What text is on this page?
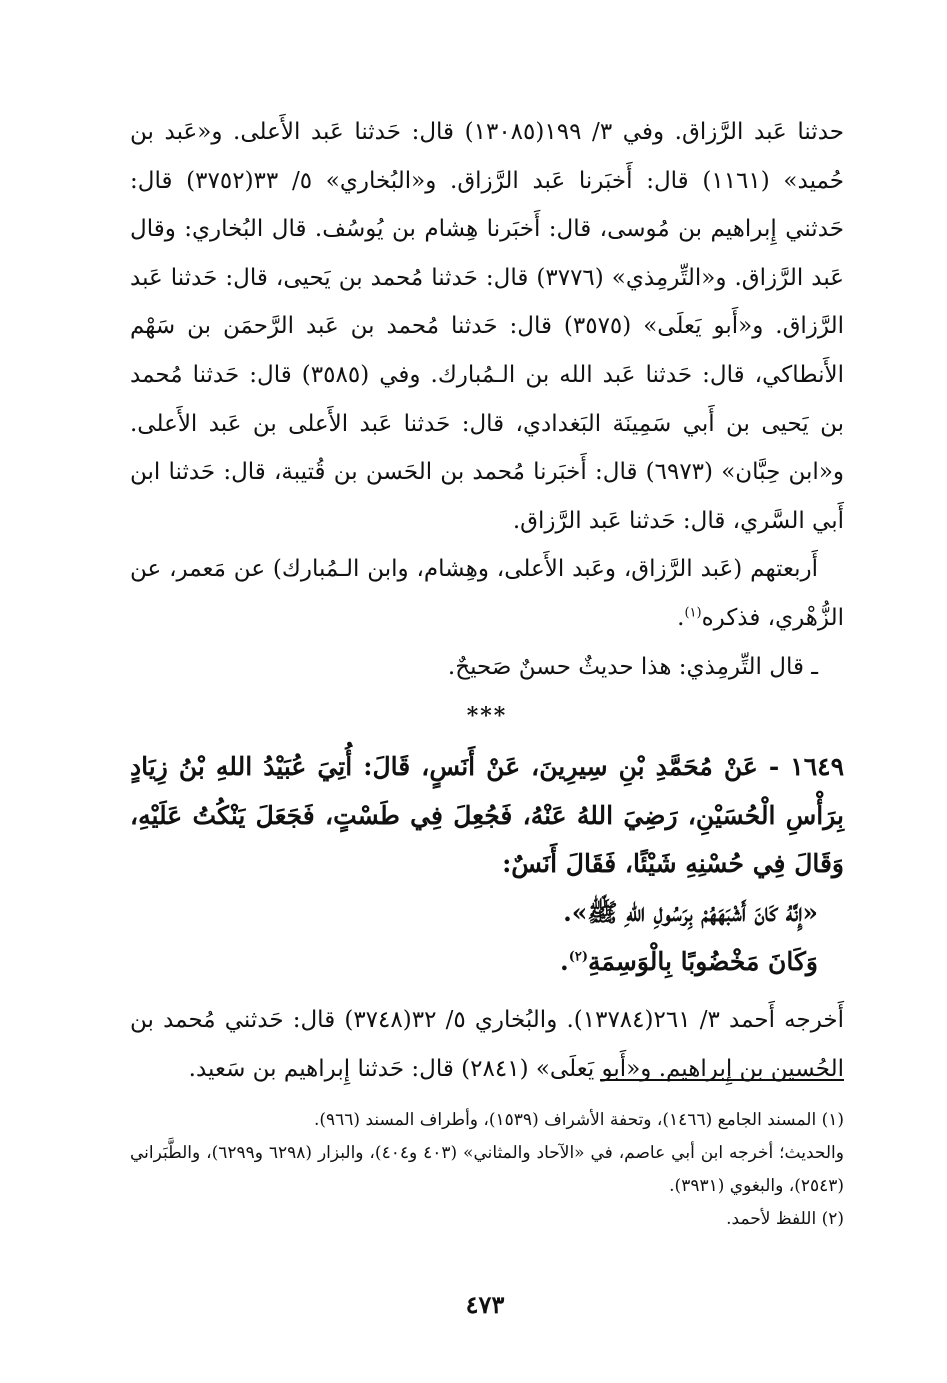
حدثنا عَبد الرَّزاق. وفي ٣/ ١٩٩(١٣٠٨٥) قال: حَدثنا عَبد الأَعلى. و«عَبد بن حُميد» (١١٦١) قال: أَخبَرنا عَبد الرَّزاق. و«البُخاري» ٥/ ٣٣(٣٧٥٢) قال: حَدثني إِبراهيم بن مُوسى، قال: أَخبَرنا هِشام بن يُوسُف. قال البُخاري: وقال عَبد الرَّزاق. و«التِّرمِذي» (٣٧٧٦) قال: حَدثنا مُحمد بن يَحيى، قال: حَدثنا عَبد الرَّزاق. و«أَبو يَعلَى» (٣٥٧٥) قال: حَدثنا مُحمد بن عَبد الرَّحمَن بن سَهْم الأَنطاكي، قال: حَدثنا عَبد الله بن الـمُبارك. وفي (٣٥٨٥) قال: حَدثنا مُحمد بن يَحيى بن أَبي سَمِينَة البَغدادي، قال: حَدثنا عَبد الأَعلى بن عَبد الأَعلى. و«ابن حِبَّان» (٦٩٧٣) قال: أَخبَرنا مُحمد بن الحَسن بن قُتيبة، قال: حَدثنا ابن أَبي السَّري، قال: حَدثنا عَبد الرَّزاق.

أَربعتهم (عَبد الرَّزاق، وعَبد الأَعلى، وهِشام، وابن الـمُبارك) عن مَعمر، عن الزُّهْري، فذكره$^{(١)}$.

ـ قال التِّرمِذي: هذا حديثٌ حسنٌ صَحيحٌ.

***

١٦٤٩ - عَنْ مُحَمَّدِ بْنِ سِيرِينَ، عَنْ أَنَسٍ، قَالَ: أُتِيَ عُبَيْدُ اللهِ بْنُ زِيَادٍ بِرَأْسِ الْحُسَيْنِ، رَضِيَ اللهُ عَنْهُ، فَجُعِلَ فِي طَسْتٍ، فَجَعَلَ يَنْكُتُ عَلَيْهِ، وَقَالَ فِي حُسْنِهِ شَيْئًا، فَقَالَ أَنَسٌ:

«إِنَّهُ كَانَ أَشْبَهَهُمْ بِرَسُولِ اللهِ ﷺ».

وَكَانَ مَخْضُوبًا بِالْوَسِمَةِ$^{(٢)}$.

أَخرجه أَحمد ٣/ ٢٦١(١٣٧٨٤). والبُخاري ٥/ ٣٢(٣٧٤٨) قال: حَدثني مُحمد بن الحُسين بن إِبراهيم. و«أَبو يَعلَى» (٢٨٤١) قال: حَدثنا إِبراهيم بن سَعيد.

(١) المسند الجامع (١٤٦٦)، وتحفة الأشراف (١٥٣٩)، وأطراف المسند (٩٦٦).

والحديث؛ أخرجه ابن أبي عاصم، في «الآحاد والمثاني» (٤٠٣ و٤٠٤)، والبزار (٦٢٩٨ و٦٢٩٩)، والطَّبَراني (٢٥٤٣)، والبغوي (٣٩٣١).

(٢) اللفظ لأحمد.

٤٧٣
